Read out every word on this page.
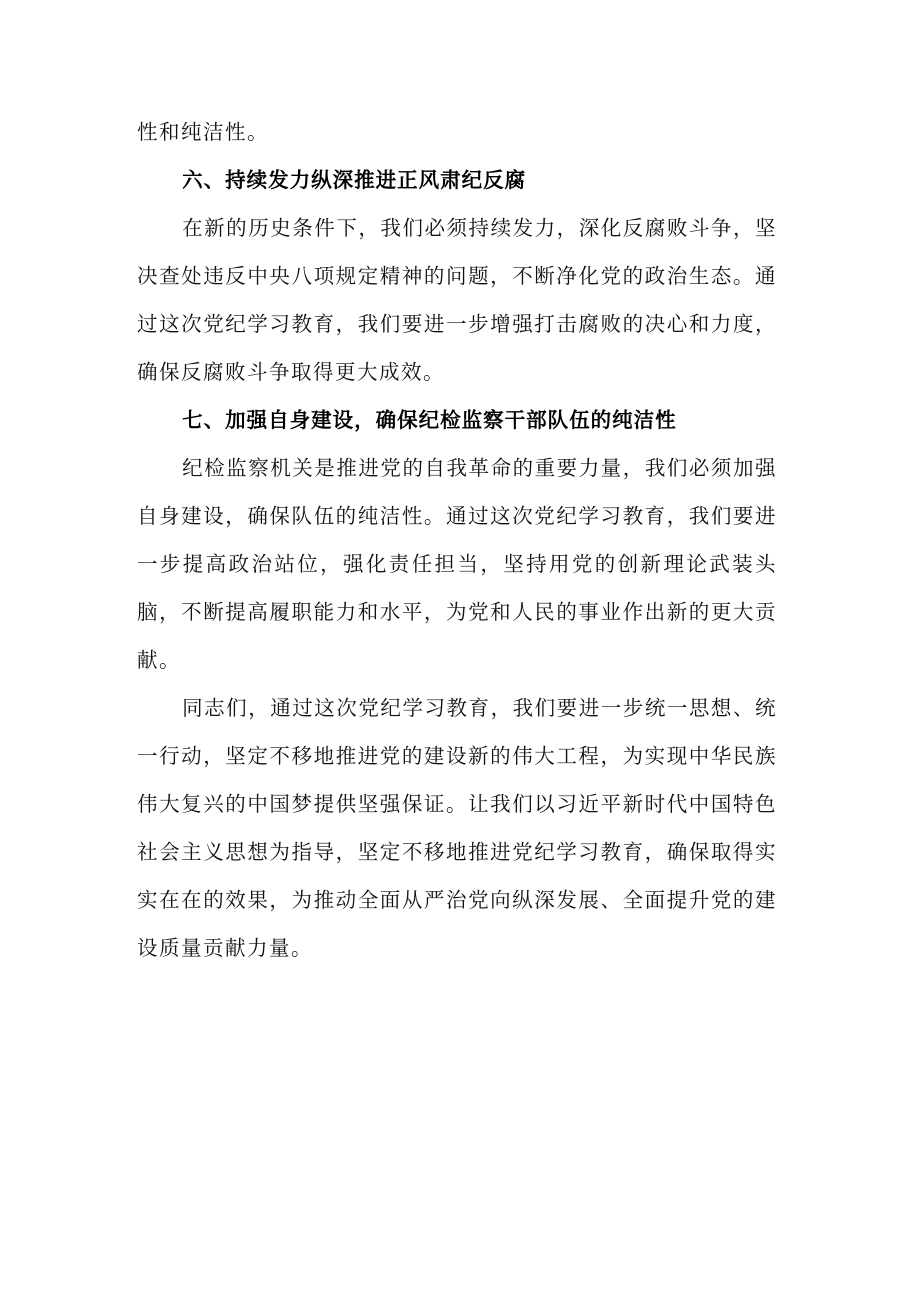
性和纯洁性。

六、持续发力纵深推进正风肃纪反腐

在新的历史条件下，我们必须持续发力，深化反腐败斗争，坚决查处违反中央八项规定精神的问题，不断净化党的政治生态。通过这次党纪学习教育，我们要进一步增强打击腐败的决心和力度，确保反腐败斗争取得更大成效。

七、加强自身建设，确保纪检监察干部队伍的纯洁性

纪检监察机关是推进党的自我革命的重要力量，我们必须加强自身建设，确保队伍的纯洁性。通过这次党纪学习教育，我们要进一步提高政治站位，强化责任担当，坚持用党的创新理论武装头脑，不断提高履职能力和水平，为党和人民的事业作出新的更大贡献。

同志们，通过这次党纪学习教育，我们要进一步统一思想、统一行动，坚定不移地推进党的建设新的伟大工程，为实现中华民族伟大复兴的中国梦提供坚强保证。让我们以习近平新时代中国特色社会主义思想为指导，坚定不移地推进党纪学习教育，确保取得实实在在的效果，为推动全面从严治党向纵深发展、全面提升党的建设质量贡献力量。
